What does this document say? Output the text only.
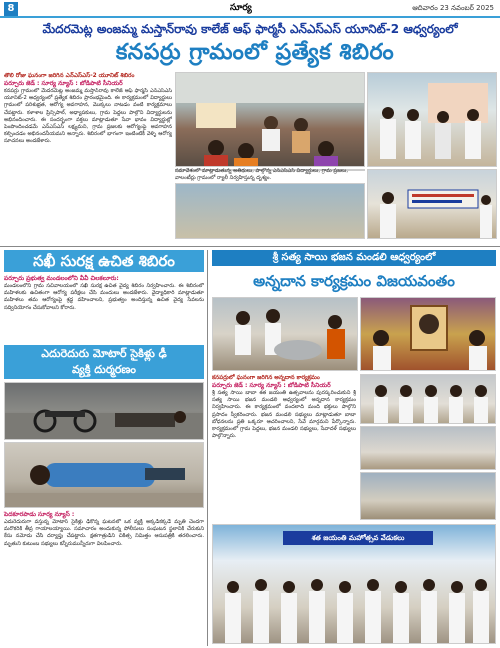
8	సూర్య	ఆదివారం 23 నవంబర్ 2025
మేదరమెట్ల అంజమ్మ మస్తాన్‌రావు కాలేజ్ ఆఫ్ ఫార్మసీ ఎన్‌ఎస్‌ఎస్ యూనిట్-2 ఆధ్వర్యంలో
కనపర్రు గ్రామంలో ప్రత్యేక శిబిరం
తొలి రోజు ఘనంగా జరిగిన ఎన్‌ఎస్‌ఎస్-2 యూనిట్ శిబిరం
పర్చూరు జెడ్ : సూర్య న్యూస్ : బోడిపాటి సీనియర్
కనపర్రు గ్రామంలో మేదరమెట్ల అంజమ్మ మస్తాన్‌రావు కాలేజ్ ఆఫ్ ఫార్మసీ ఎన్‌ఎస్‌ఎస్ యూనిట్-2 ఆధ్వర్యంలో ప్రత్యేక శిబిరం ప్రారంభమైంది. ఈ కార్యక్రమంలో విద్యార్థులు గ్రామంలో పరిశుభ్రత, ఆరోగ్య అవగాహన, మొక్కలు నాటడం వంటి కార్యక్రమాలు చేపట్టారు. కళాశాల ప్రిన్సిపాల్, అధ్యాపకులు, గ్రామ పెద్దలు పాల్గొని విద్యార్థులను అభినందించారు. ఈ సందర్భంగా వక్తలు మాట్లాడుతూ సేవా భావం విద్యార్థుల్లో పెంపొందించడమే ఎన్‌ఎస్‌ఎస్ లక్ష్యమని, గ్రామ ప్రజలకు ఆరోగ్యంపై అవగాహన కల్పించడం అభినందనీయమని అన్నారు. శిబిరంలో భాగంగా ఇంటింటికీ వెళ్ళి ఆరోగ్య సూచనలు అందజేశారు.
సమావేశంలో మాట్లాడుతున్న అతిథులు, పాల్గొన్న ఎన్‌ఎస్‌ఎస్ విద్యార్థులు, గ్రామ ప్రజలు, వాలంటీర్లు గ్రామంలో ర్యాలీ నిర్వహిస్తున్న దృశ్యం.
సఖీ సురక్ష ఉచిత శిబిరం
పర్చూరు ప్రభుత్వ మండలంలోని వీవీ చిలకలూరు:
మండలంలోని గ్రామ సచివాలయంలో సఖీ సురక్ష ఉచిత వైద్య శిబిరం నిర్వహించారు. ఈ శిబిరంలో మహిళలకు ఉచితంగా ఆరోగ్య పరీక్షలు చేసి మందులు అందజేశారు. వైద్యాధికారి మాట్లాడుతూ మహిళలు తమ ఆరోగ్యంపై శ్రద్ధ వహించాలని, ప్రభుత్వం అందిస్తున్న ఉచిత వైద్య సేవలను సద్వినియోగం చేసుకోవాలని కోరారు.
ఎదురెదురు మోటార్ సైకిళ్లు ఢీ
వ్యక్తి దుర్మరణం
పెదకూరపాడు సూర్య న్యూస్ :
ఎదురెదురుగా వస్తున్న మోటార్ సైకిళ్లు ఢీకొన్న ఘటనలో ఒక వ్యక్తి అక్కడికక్కడే మృతి చెందగా మరొకరికి తీవ్ర గాయాలయ్యాయి. సమాచారం అందుకున్న పోలీసులు సంఘటన స్థలానికి చేరుకుని కేసు నమోదు చేసి దర్యాప్తు చేపట్టారు. క్షతగాత్రుడిని చికిత్స నిమిత్తం ఆసుపత్రికి తరలించారు. మృతుని కుటుంబ సభ్యులు కన్నీరుమున్నీరుగా విలపించారు.
శ్రీ సత్య సాయి భజన మండలి ఆధ్వర్యంలో
అన్నదాన కార్యక్రమం విజయవంతం
కనపర్రులో ఘనంగా జరిగిన అన్నదాన కార్యక్రమం
పర్చూరు జెడ్ : సూర్య న్యూస్ : బోడిపాటి సీనియర్
శ్రీ సత్య సాయి బాబా శత జయంతి ఉత్సవాలను పురస్కరించుకుని శ్రీ సత్య సాయి భజన మండలి ఆధ్వర్యంలో అన్నదాన కార్యక్రమం నిర్వహించారు. ఈ కార్యక్రమంలో వందలాది మంది భక్తులు పాల్గొని ప్రసాదం స్వీకరించారు. భజన మండలి సభ్యులు మాట్లాడుతూ బాబా బోధనలను ప్రతి ఒక్కరూ ఆచరించాలని, సేవే మార్గమని పేర్కొన్నారు. కార్యక్రమంలో గ్రామ పెద్దలు, భజన మండలి సభ్యులు, సేవాదళ్ సభ్యులు పాల్గొన్నారు.
శత జయంతి మహోత్సవ వేడుకలు
